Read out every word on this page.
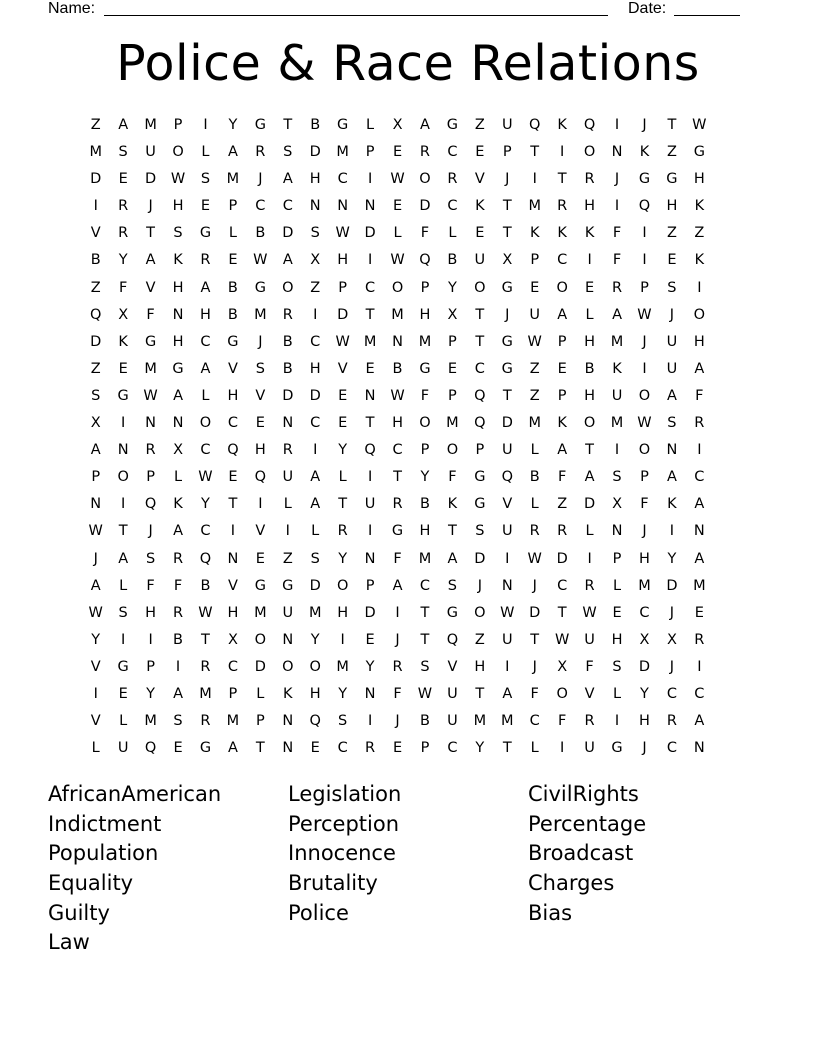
Name:	Date:
Police & Race Relations
Z	A	M	P	I	Y	G	T	B	G	L	X	A	G	Z	U	Q	K	Q	I	J	T	W
M	S	U	O	L	A	R	S	D	M	P	E	R	C	E	P	T	I	O	N	K	Z	G
D	E	D	W	S	M	J	A	H	C	I	W	O	R	V	J	I	T	R	J	G	G	H
I	R	J	H	E	P	C	C	N	N	N	E	D	C	K	T	M	R	H	I	Q	H	K
V	R	T	S	G	L	B	D	S	W	D	L	F	L	E	T	K	K	K	F	I	Z	Z
B	Y	A	K	R	E	W	A	X	H	I	W	Q	B	U	X	P	C	I	F	I	E	K
Z	F	V	H	A	B	G	O	Z	P	C	O	P	Y	O	G	E	O	E	R	P	S	I
Q	X	F	N	H	B	M	R	I	D	T	M	H	X	T	J	U	A	L	A	W	J	O
D	K	G	H	C	G	J	B	C	W M	N	M	P	T	G	W	P	H	M	J	U	H
Z	E	M	G	A	V	S	B	H	V	E	B	G	E	C	G	Z	E	B	K	I	U	A
S	G	W	A	L	H	V	D	D	E	N	W	F	P	Q	T	Z	P	H	U	O	A	F
X	I	N	N	O	C	E	N	C	E	T	H	O	M	Q	D	M	K	O	M W	S	R
A	N	R	X	C	Q	H	R	I	Y	Q	C	P	O	P	U	L	A	T	I	O	N	I
P	O	P	L	W	E	Q	U	A	L	I	T	Y	F	G	Q	B	F	A	S	P	A	C
N	I	Q	K	Y	T	I	L	A	T	U	R	B	K	G	V	L	Z	D	X	F	K	A
W	T	J	A	C	I	V	I	L	R	I	G	H	T	S	U	R	R	L	N	J	I	N
J	A	S	R	Q	N	E	Z	S	Y	N	F	M	A	D	I	W	D	I	P	H	Y	A
A	L	F	F	B	V	G	G	D	O	P	A	C	S	J	N	J	C	R	L	M	D	M
W	S	H	R	W	H	M	U	M	H	D	I	T	G	O	W	D	T	W	E	C	J	E
Y	I	I	B	T	X	O	N	Y	I	E	J	T	Q	Z	U	T	W	U	H	X	X	R
V	G	P	I	R	C	D	O	O	M	Y	R	S	V	H	I	J	X	F	S	D	J	I
I	E	Y	A	M	P	L	K	H	Y	N	F	W	U	T	A	F	O	V	L	Y	C	C
V	L	M	S	R	M	P	N	Q	S	I	J	B	U	M	M	C	F	R	I	H	R	A
L	U	Q	E	G	A	T	N	E	C	R	E	P	C	Y	T	L	I	U	G	J	C	N
AfricanAmerican
Indictment
Population
Equality
Guilty
Law
Legislation
Perception
Innocence
Brutality
Police
CivilRights
Percentage
Broadcast
Charges
Bias
